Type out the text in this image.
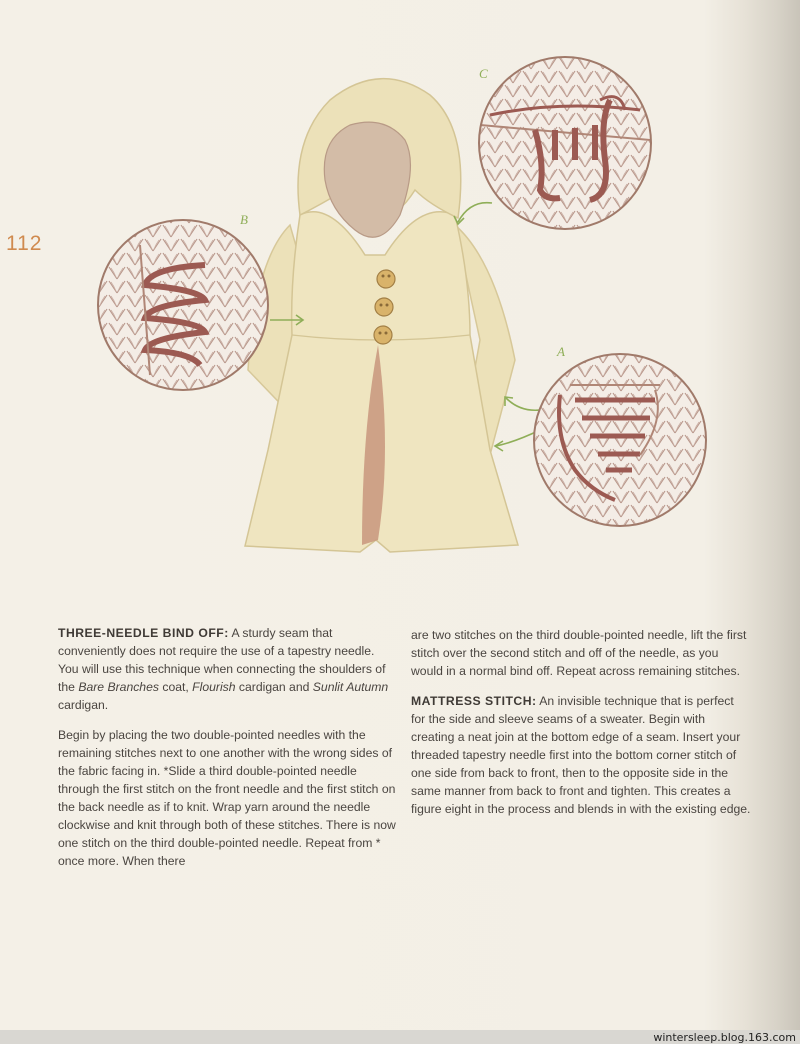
112
C
B
A

THREE-NEEDLE BIND OFF: A sturdy seam that conveniently does not require the use of a tapestry needle. You will use this technique when connecting the shoulders of the Bare Branches coat, Flourish cardigan and Sunlit Autumn cardigan.

Begin by placing the two double-pointed needles with the remaining stitches next to one another with the wrong sides of the fabric facing in. *Slide a third double-pointed needle through the first stitch on the front needle and the first stitch on the back needle as if to knit. Wrap yarn around the needle clockwise and knit through both of these stitches. There is now one stitch on the third double-pointed needle. Repeat from * once more. When there

are two stitches on the third double-pointed needle, lift the first stitch over the second stitch and off of the needle, as you would in a normal bind off. Repeat across remaining stitches.

MATTRESS STITCH: An invisible technique that is perfect for the side and sleeve seams of a sweater. Begin with creating a neat join at the bottom edge of a seam. Insert your threaded tapestry needle first into the bottom corner stitch of one side from back to front, then to the opposite side in the same manner from back to front and tighten. This creates a figure eight in the process and blends in with the existing edge.

wintersleep.blog.163.com
